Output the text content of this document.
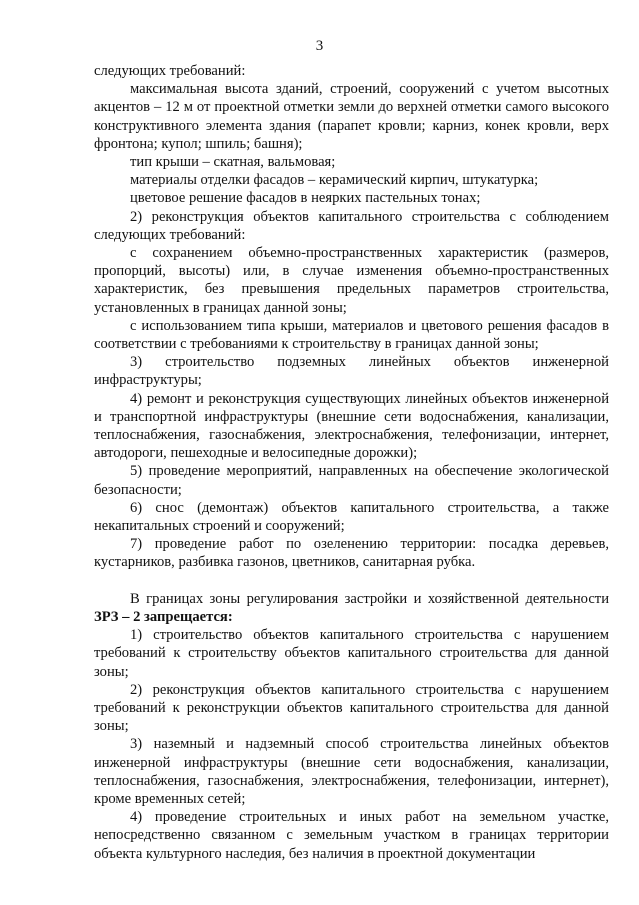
3

следующих требований:

максимальная высота зданий, строений, сооружений с учетом высотных акцентов – 12 м от проектной отметки земли до верхней отметки самого высокого конструктивного элемента здания (парапет кровли; карниз, конек кровли, верх фронтона; купол; шпиль; башня);

тип крыши – скатная, вальмовая;

материалы отделки фасадов – керамический кирпич, штукатурка;

цветовое решение фасадов в неярких пастельных тонах;

2) реконструкция объектов капитального строительства с соблюдением следующих требований:

с сохранением объемно-пространственных характеристик (размеров, пропорций, высоты) или, в случае изменения объемно-пространственных характеристик, без превышения предельных параметров строительства, установленных в границах данной зоны;

с использованием типа крыши, материалов и цветового решения фасадов в соответствии с требованиями к строительству в границах данной зоны;

3) строительство подземных линейных объектов инженерной инфраструктуры;

4) ремонт и реконструкция существующих линейных объектов инженерной и транспортной инфраструктуры (внешние сети водоснабжения, канализации, теплоснабжения, газоснабжения, электроснабжения, телефонизации, интернет, автодороги, пешеходные и велосипедные дорожки);

5) проведение мероприятий, направленных на обеспечение экологической безопасности;

6) снос (демонтаж) объектов капитального строительства, а также некапитальных строений и сооружений;

7) проведение работ по озеленению территории: посадка деревьев, кустарников, разбивка газонов, цветников, санитарная рубка.

В границах зоны регулирования застройки и хозяйственной деятельности ЗРЗ – 2 запрещается:

1) строительство объектов капитального строительства с нарушением требований к строительству объектов капитального строительства для данной зоны;

2) реконструкция объектов капитального строительства с нарушением требований к реконструкции объектов капитального строительства для данной зоны;

3) наземный и надземный способ строительства линейных объектов инженерной инфраструктуры (внешние сети водоснабжения, канализации, теплоснабжения, газоснабжения, электроснабжения, телефонизации, интернет), кроме временных сетей;

4) проведение строительных и иных работ на земельном участке, непосредственно связанном с земельным участком в границах территории объекта культурного наследия, без наличия в проектной документации
